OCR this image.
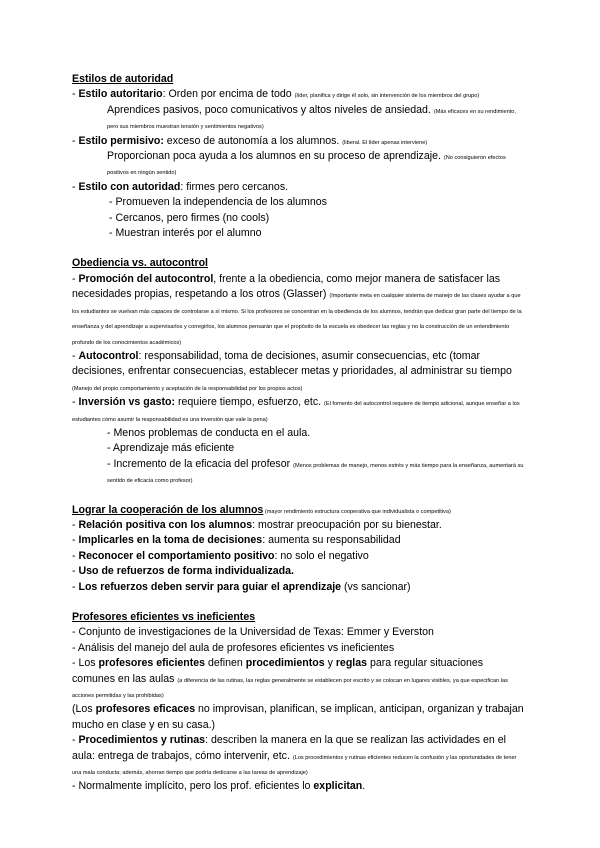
Estilos de autoridad

- Estilo autoritario: Orden por encima de todo (líder, planifica y dirige él solo, sin intervención de los miembros del grupo)

Aprendices pasivos, poco comunicativos y altos niveles de ansiedad. (Más eficaces en su rendimiento, pero sus miembros muestran tensión y sentimientos negativos)

- Estilo permisivo: exceso de autonomía a los alumnos. (liberal. El líder apenas interviene)

Proporcionan poca ayuda a los alumnos en su proceso de aprendizaje. (No consiguieron efectos positivos en ningún sentido)

- Estilo con autoridad: firmes pero cercanos.

- Promueven la independencia de los alumnos

- Cercanos, pero firmes (no cools)

- Muestran interés por el alumno

Obediencia vs. autocontrol

- Promoción del autocontrol, frente a la obediencia, como mejor manera de satisfacer las necesidades propias, respetando a los otros (Glasser) (Importante meta en cualquier sistema de manejo de las clases ayudar a que los estudiantes se vuelvan más capaces de controlarse a sí mismo. Si los profesores se concentran en la obediencia de los alumnos, tendrán que dedicar gran parte del tiempo de la enseñanza y del aprendizaje a supervisarlos y corregirlos, los alumnos pensarán que el propósito de la escuela es obedecer las reglas y no la construcción de un entendimiento profundo de los conocimientos académicos)

- Autocontrol: responsabilidad, toma de decisiones, asumir consecuencias, etc (tomar decisiones, enfrentar consecuencias, establecer metas y prioridades, al administrar su tiempo (Manejo del propio comportamiento y aceptación de la responsabilidad por los propios actos)

- Inversión vs gasto: requiere tiempo, esfuerzo, etc. (El fomento del autocontrol requiere de tiempo adicional, aunque enseñar a los estudiantes cómo asumir la responsabilidad es una inversión que vale la pena)

- Menos problemas de conducta en el aula.

- Aprendizaje más eficiente

- Incremento de la eficacia del profesor (Menos problemas de manejo, menos estrés y más tiempo para la enseñanza, aumentará su sentido de eficacia como profesor)

Lograr la cooperación de los alumnos (mayor rendimiento estructura cooperativa que individualista o competitiva)

- Relación positiva con los alumnos: mostrar preocupación por su bienestar.

- Implicarles en la toma de decisiones: aumenta su responsabilidad

- Reconocer el comportamiento positivo: no solo el negativo

- Uso de refuerzos de forma individualizada.

- Los refuerzos deben servir para guiar el aprendizaje (vs sancionar)

Profesores eficientes vs ineficientes

- Conjunto de investigaciones de la Universidad de Texas: Emmer y Everston

- Análisis del manejo del aula de profesores eficientes vs ineficientes

- Los profesores eficientes definen procedimientos y reglas para regular situaciones comunes en las aulas (a diferencia de las rutinas, las reglas generalmente se establecen por escrito y se colocan en lugares visibles, ya que especifican las acciones permitidas y las prohibidas)

(Los profesores eficaces no improvisan, planifican, se implican, anticipan, organizan y trabajan mucho en clase y en su casa.)

- Procedimientos y rutinas: describen la manera en la que se realizan las actividades en el aula: entrega de trabajos, cómo intervenir, etc. (Los procedimientos y rutinas eficientes reducen la confusión y las oportunidades de tener una mala conducta; además, ahorran tiempo que podría dedicarse a las tareas de aprendizaje)

- Normalmente implícito, pero los prof. eficientes lo explicitan.
